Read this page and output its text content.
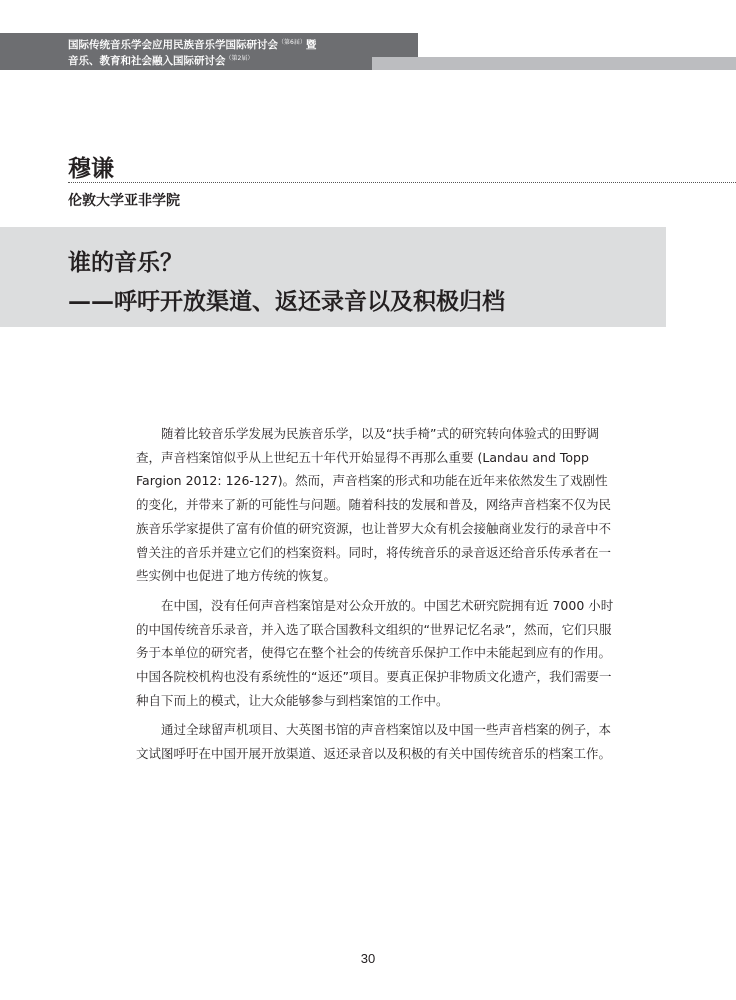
国际传统音乐学会应用民族音乐学国际研讨会$^{(第6届)}$暨
音乐、教育和社会融入国际研讨会$^{(第2届)}$
穆谦
伦敦大学亚非学院
谁的音乐？
——呼吁开放渠道、返还录音以及积极归档

随着比较音乐学发展为民族音乐学，以及“扶手椅”式的研究转向体验式的田野调查，声音档案馆似乎从上世纪五十年代开始显得不再那么重要 (Landau and Topp Fargion 2012: 126-127)。然而，声音档案的形式和功能在近年来依然发生了戏剧性的变化，并带来了新的可能性与问题。随着科技的发展和普及，网络声音档案不仅为民族音乐学家提供了富有价值的研究资源，也让普罗大众有机会接触商业发行的录音中不曾关注的音乐并建立它们的档案资料。同时，将传统音乐的录音返还给音乐传承者在一些实例中也促进了地方传统的恢复。

在中国，没有任何声音档案馆是对公众开放的。中国艺术研究院拥有近 7000 小时的中国传统音乐录音，并入选了联合国教科文组织的“世界记忆名录”，然而，它们只服务于本单位的研究者，使得它在整个社会的传统音乐保护工作中未能起到应有的作用。中国各院校机构也没有系统性的“返还”项目。要真正保护非物质文化遗产，我们需要一种自下而上的模式，让大众能够参与到档案馆的工作中。

通过全球留声机项目、大英图书馆的声音档案馆以及中国一些声音档案的例子，本文试图呼吁在中国开展开放渠道、返还录音以及积极的有关中国传统音乐的档案工作。

30
